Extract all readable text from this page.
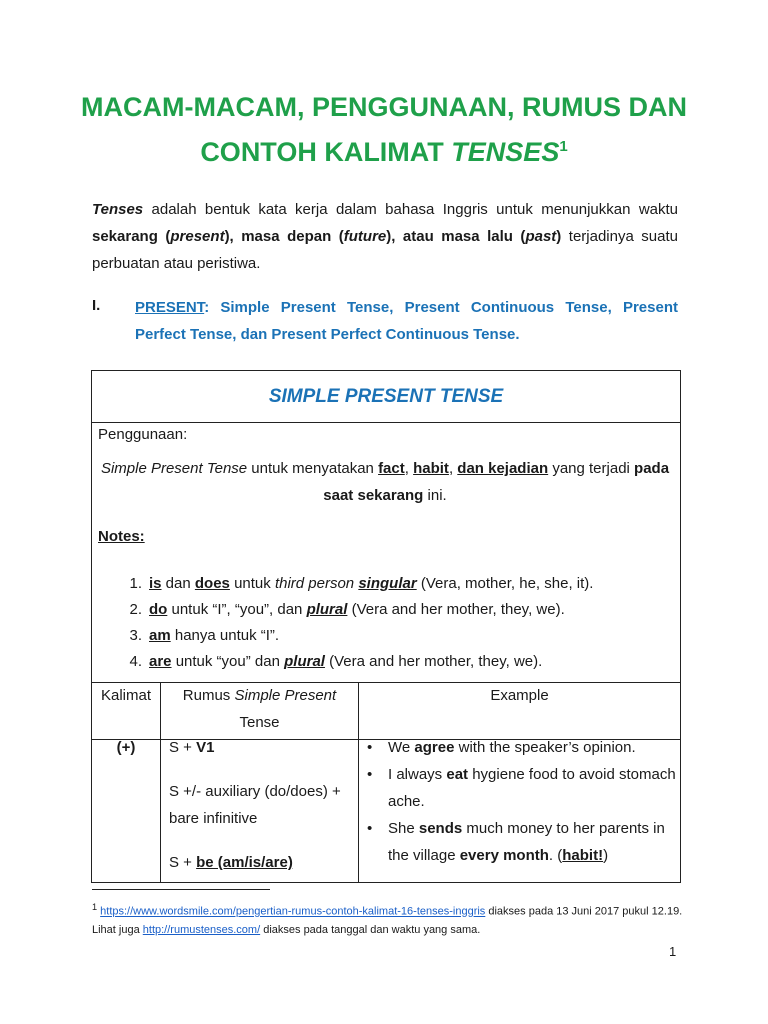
MACAM-MACAM, PENGGUNAAN, RUMUS DAN
CONTOH KALIMAT TENSES$^1$

Tenses adalah bentuk kata kerja dalam bahasa Inggris untuk menunjukkan waktu sekarang (present), masa depan (future), atau masa lalu (past) terjadinya suatu perbuatan atau peristiwa.

I. PRESENT: Simple Present Tense, Present Continuous Tense, Present Perfect Tense, dan Present Perfect Continuous Tense.

SIMPLE PRESENT TENSE

Penggunaan:

Simple Present Tense untuk menyatakan fact, habit, dan kejadian yang terjadi pada saat sekarang ini.

Notes:

1. is dan does untuk third person singular (Vera, mother, he, she, it).
2. do untuk “I”, “you”, dan plural (Vera and her mother, they, we).
3. am hanya untuk “I”.
4. are untuk “you” dan plural (Vera and her mother, they, we).

Kalimat	Rumus Simple Present
Tense

Example

(+)	S + V1

S +/- auxiliary (do/does) + bare infinitive

S + be (am/is/are)

• We agree with the speaker’s opinion.
• I always eat hygiene food to avoid stomach ache.
• She sends much money to her parents in the village every month. (habit!)

$^1$ https://www.wordsmile.com/pengertian-rumus-contoh-kalimat-16-tenses-inggris diakses pada 13 Juni 2017 pukul 12.19. Lihat juga http://rumustenses.com/ diakses pada tanggal dan waktu yang sama.

1
